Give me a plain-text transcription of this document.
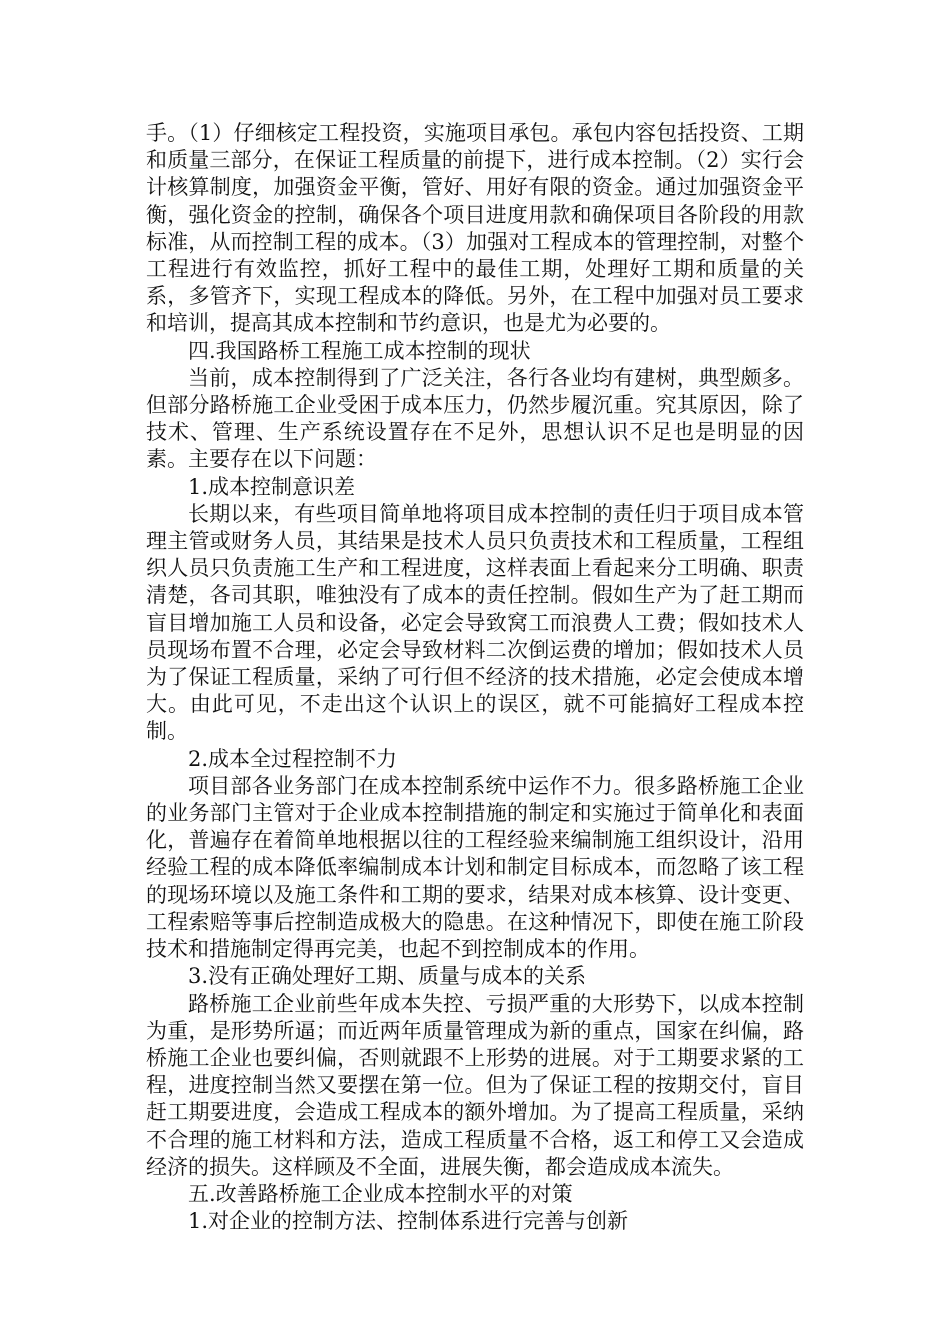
手。（1）仔细核定工程投资，实施项目承包。承包内容包括投资、工期和质量三部分，在保证工程质量的前提下，进行成本控制。（2）实行会计核算制度，加强资金平衡，管好、用好有限的资金。通过加强资金平衡，强化资金的控制，确保各个项目进度用款和确保项目各阶段的用款标准，从而控制工程的成本。（3）加强对工程成本的管理控制，对整个工程进行有效监控，抓好工程中的最佳工期，处理好工期和质量的关系，多管齐下，实现工程成本的降低。另外，在工程中加强对员工要求和培训，提高其成本控制和节约意识，也是尤为必要的。

四.我国路桥工程施工成本控制的现状

当前，成本控制得到了广泛关注，各行各业均有建树，典型颇多。但部分路桥施工企业受困于成本压力，仍然步履沉重。究其原因，除了技术、管理、生产系统设置存在不足外，思想认识不足也是明显的因素。主要存在以下问题：

1.成本控制意识差

长期以来，有些项目简单地将项目成本控制的责任归于项目成本管理主管或财务人员，其结果是技术人员只负责技术和工程质量，工程组织人员只负责施工生产和工程进度，这样表面上看起来分工明确、职责清楚，各司其职，唯独没有了成本的责任控制。假如生产为了赶工期而盲目增加施工人员和设备，必定会导致窝工而浪费人工费；假如技术人员现场布置不合理，必定会导致材料二次倒运费的增加；假如技术人员为了保证工程质量，采纳了可行但不经济的技术措施，必定会使成本增大。由此可见，不走出这个认识上的误区，就不可能搞好工程成本控制。

2.成本全过程控制不力

项目部各业务部门在成本控制系统中运作不力。很多路桥施工企业的业务部门主管对于企业成本控制措施的制定和实施过于简单化和表面化，普遍存在着简单地根据以往的工程经验来编制施工组织设计，沿用经验工程的成本降低率编制成本计划和制定目标成本，而忽略了该工程的现场环境以及施工条件和工期的要求，结果对成本核算、设计变更、工程索赔等事后控制造成极大的隐患。在这种情况下，即使在施工阶段技术和措施制定得再完美，也起不到控制成本的作用。

3.没有正确处理好工期、质量与成本的关系

路桥施工企业前些年成本失控、亏损严重的大形势下，以成本控制为重，是形势所逼；而近两年质量管理成为新的重点，国家在纠偏，路桥施工企业也要纠偏，否则就跟不上形势的进展。对于工期要求紧的工程，进度控制当然又要摆在第一位。但为了保证工程的按期交付，盲目赶工期要进度，会造成工程成本的额外增加。为了提高工程质量，采纳不合理的施工材料和方法，造成工程质量不合格，返工和停工又会造成经济的损失。这样顾及不全面，进展失衡，都会造成成本流失。

五.改善路桥施工企业成本控制水平的对策
1.对企业的控制方法、控制体系进行完善与创新
